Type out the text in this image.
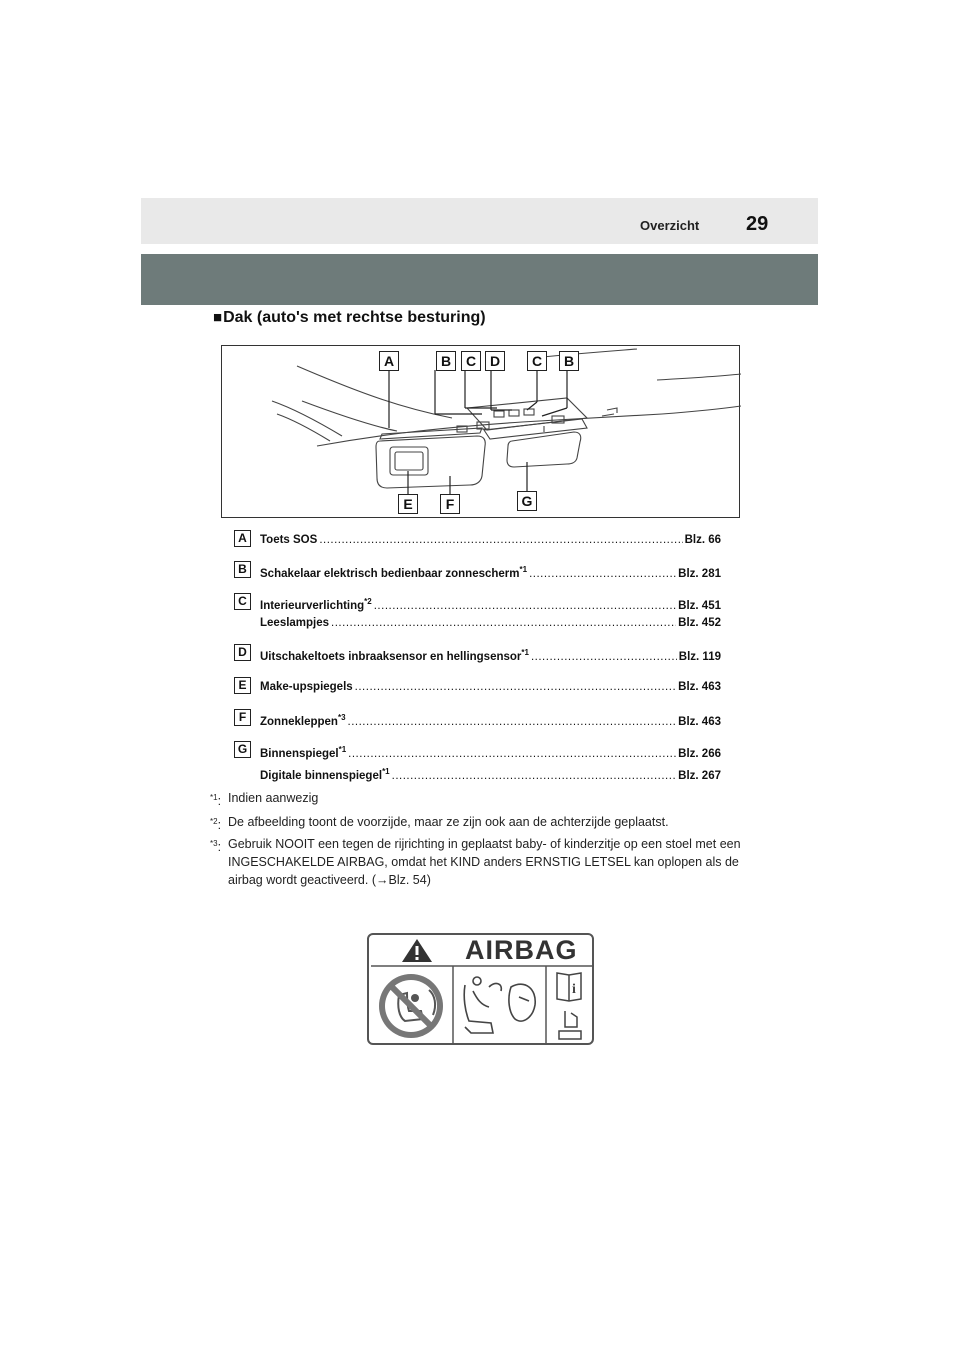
Overzicht 29
■Dak (auto's met rechtse besturing)
A	B	C D	C	B
E	F	G
A	Toets SOS .....	Blz. 66
B	Schakelaar elektrisch bedienbaar zonnescherm$^{*1}$ .....	Blz. 281
C	Interieurverlichting$^{*2}$ .....	Blz. 451
Leeslampjes .....	Blz. 452
D	Uitschakeltoets inbraaksensor en hellingsensor$^{*1}$ .....	Blz. 119
E	Make-upspiegels .....	Blz. 463
F	Zonnekleppen$^{*3}$ .....	Blz. 463
G	Binnenspiegel$^{*1}$ .....	Blz. 266
Digitale binnenspiegel$^{*1}$ .....	Blz. 267
$^{*1}$: Indien aanwezig
$^{*2}$: De afbeelding toont de voorzijde, maar ze zijn ook aan de achterzijde geplaatst.
$^{*3}$: Gebruik NOOIT een tegen de rijrichting in geplaatst baby- of kinderzitje op een stoel met een INGESCHAKELDE AIRBAG, omdat het KIND anders ERNSTIG LETSEL kan oplopen als de airbag wordt geactiveerd. (→Blz. 54)
i
AIRBAG
